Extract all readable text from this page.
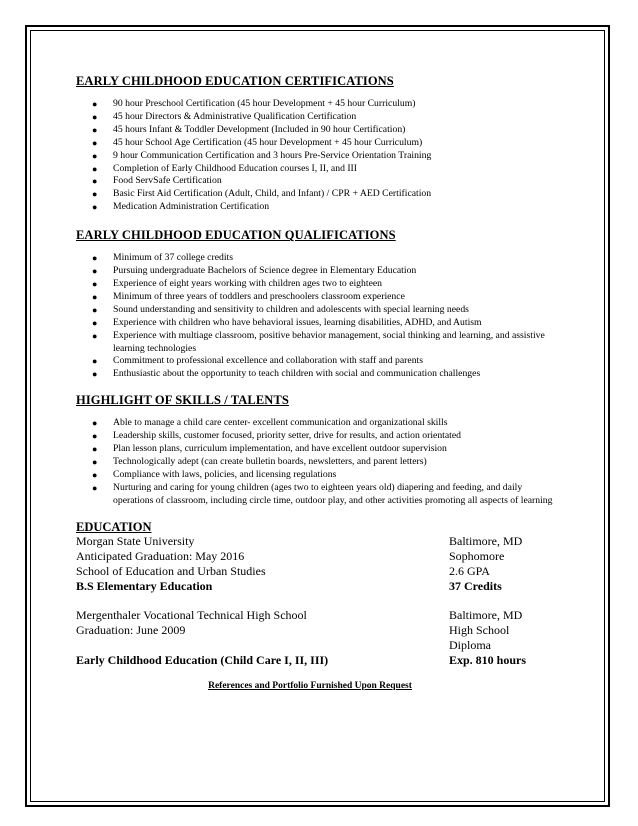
EARLY CHILDHOOD EDUCATION CERTIFICATIONS
● 90 hour Preschool Certification (45 hour Development + 45 hour Curriculum)
● 45 hour Directors & Administrative Qualification Certification
● 45 hours Infant & Toddler Development (Included in 90 hour Certification)
● 45 hour School Age Certification (45 hour Development + 45 hour Curriculum)
● 9 hour Communication Certification and 3 hours Pre-Service Orientation Training
● Completion of Early Childhood Education courses I, II, and III
● Food ServSafe Certification
● Basic First Aid Certification (Adult, Child, and Infant) / CPR + AED Certification
● Medication Administration Certification
EARLY CHILDHOOD EDUCATION QUALIFICATIONS
● Minimum of 37 college credits
● Pursuing undergraduate Bachelors of Science degree in Elementary Education
● Experience of eight years working with children ages two to eighteen
● Minimum of three years of toddlers and preschoolers classroom experience
● Sound understanding and sensitivity to children and adolescents with special learning needs
● Experience with children who have behavioral issues, learning disabilities, ADHD, and Autism
● Experience with multiage classroom, positive behavior management, social thinking and learning, and assistive learning technologies
● Commitment to professional excellence and collaboration with staff and parents
● Enthusiastic about the opportunity to teach children with social and communication challenges
HIGHLIGHT OF SKILLS / TALENTS
● Able to manage a child care center- excellent communication and organizational skills
● Leadership skills, customer focused, priority setter, drive for results, and action orientated
● Plan lesson plans, curriculum implementation, and have excellent outdoor supervision
● Technologically adept (can create bulletin boards, newsletters, and parent letters)
● Compliance with laws, policies, and licensing regulations
● Nurturing and caring for young children (ages two to eighteen years old) diapering and feeding, and daily operations of classroom, including circle time, outdoor play, and other activities promoting all aspects of learning
EDUCATION
Morgan State University	Baltimore, MD
Anticipated Graduation: May 2016	Sophomore
School of Education and Urban Studies	2.6 GPA
B.S Elementary Education	37 Credits
Mergenthaler Vocational Technical High School	Baltimore, MD
Graduation: June 2009	High School Diploma
Early Childhood Education (Child Care I, II, III)	Exp. 810 hours
References and Portfolio Furnished Upon Request
